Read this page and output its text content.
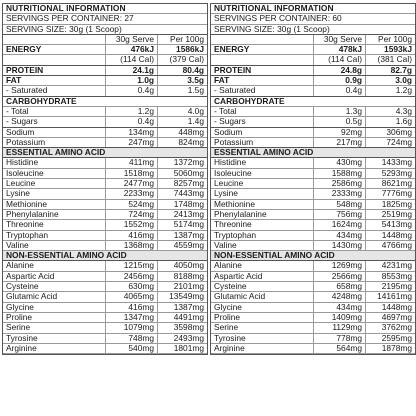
NUTRITIONAL INFORMATION
SERVINGS PER CONTAINER: 27
SERVING SIZE: 30g (1 Scoop)
30g Serve	Per 100g
ENERGY	476kJ	1586kJ
(114 Cal)	(379 Cal)
PROTEIN	24.1g	80.4g
FAT	1.0g	3.5g
- Saturated	0.4g	1.5g
CARBOHYDRATE
- Total	1.2g	4.0g
- Sugars	0.4g	1.4g
Sodium	134mg	448mg
Potassium	247mg	824mg
ESSENTIAL AMINO ACID
Histidine	411mg	1372mg
Isoleucine	1518mg	5060mg
Leucine	2477mg	8257mg
Lysine	2233mg	7443mg
Methionine	524mg	1748mg
Phenylalanine	724mg	2413mg
Threonine	1552mg	5174mg
Tryptophan	416mg	1387mg
Valine	1368mg	4559mg
NON-ESSENTIAL AMINO ACID
Alanine	1215mg	4050mg
Aspartic Acid	2456mg	8188mg
Cysteine	630mg	2101mg
Glutamic Acid	4065mg	13549mg
Glycine	416mg	1387mg
Proline	1347mg	4491mg
Serine	1079mg	3598mg
Tyrosine	748mg	2493mg
Arginine	540mg	1801mg
NUTRITIONAL INFORMATION
SERVINGS PER CONTAINER: 60
SERVING SIZE: 30g (1 Scoop)
30g Serve	Per 100g
ENERGY	478kJ	1593kJ
(114 Cal)	(381 Cal)
PROTEIN	24.8g	82.7g
FAT	0.9g	3.0g
- Saturated	0.4g	1.2g
CARBOHYDRATE
- Total	1.3g	4.3g
- Sugars	0.5g	1.6g
Sodium	92mg	306mg
Potassium	217mg	724mg
ESSENTIAL AMINO ACID
Histidine	430mg	1433mg
Isoleucine	1588mg	5293mg
Leucine	2586mg	8621mg
Lysine	2333mg	7776mg
Methionine	548mg	1825mg
Phenylalanine	756mg	2519mg
Threonine	1624mg	5413mg
Tryptophan	434mg	1448mg
Valine	1430mg	4766mg
NON-ESSENTIAL AMINO ACID
Alanine	1269mg	4231mg
Aspartic Acid	2566mg	8553mg
Cysteine	658mg	2195mg
Glutamic Acid	4248mg	14161mg
Glycine	434mg	1448mg
Proline	1409mg	4697mg
Serine	1129mg	3762mg
Tyrosine	778mg	2595mg
Arginine	564mg	1878mg
